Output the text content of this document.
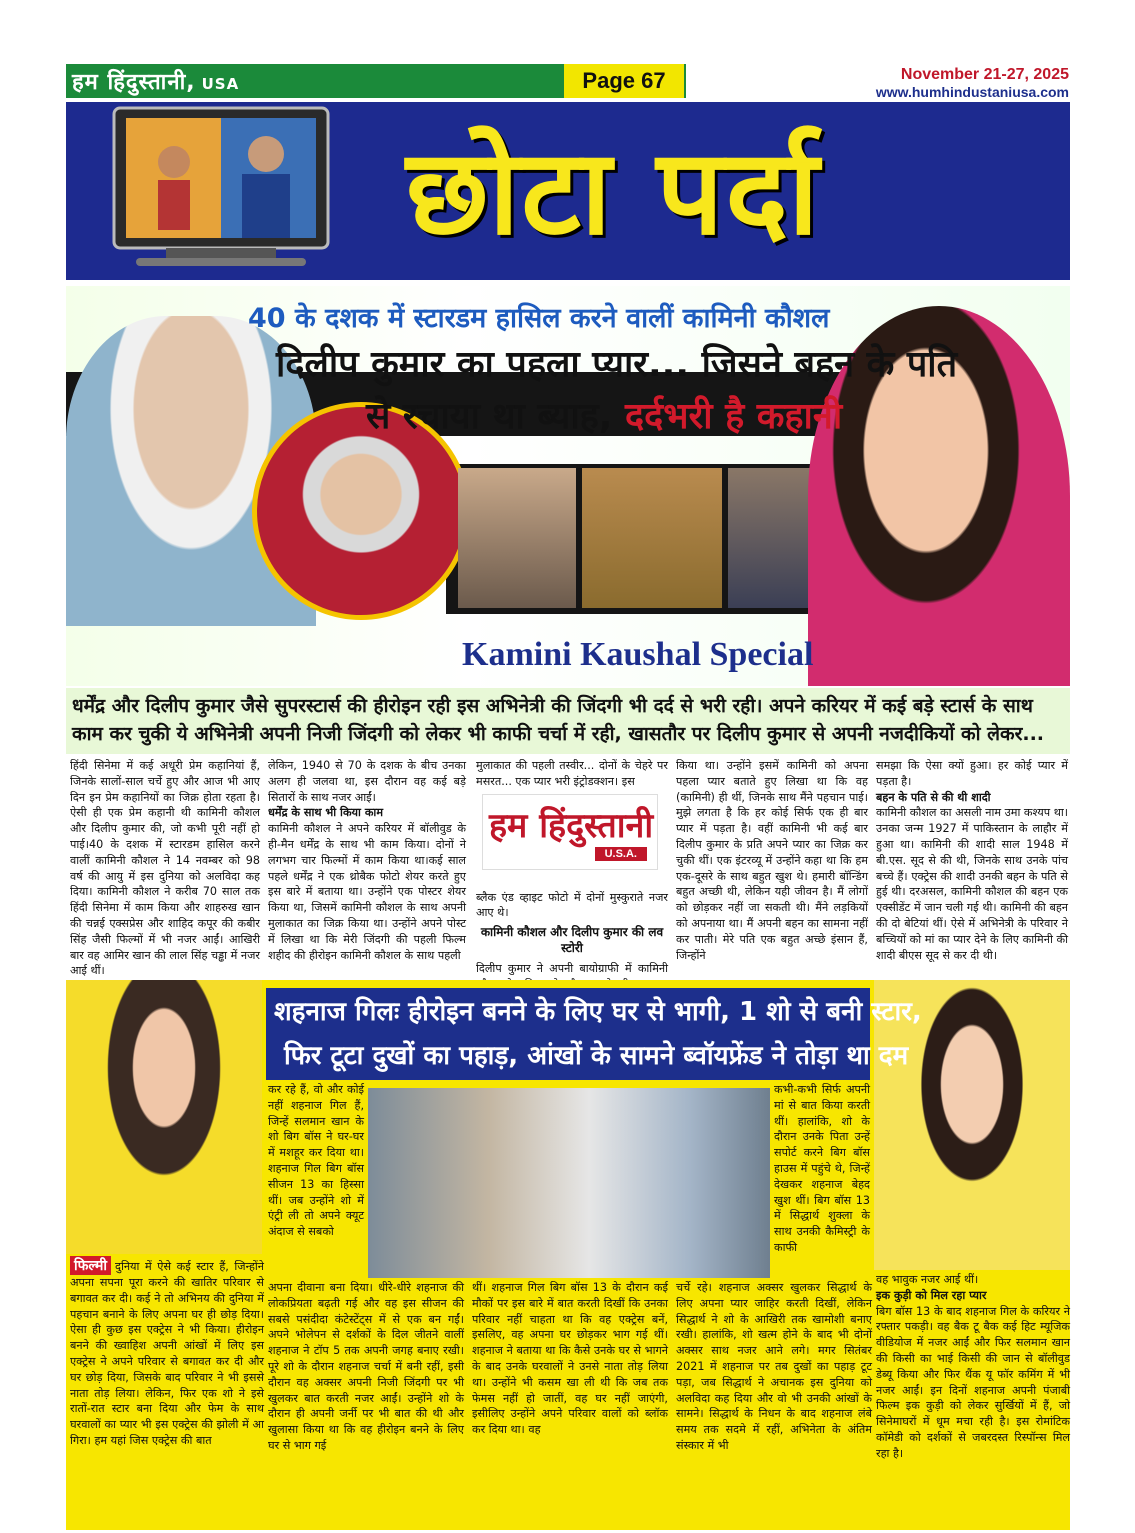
हम हिंदुस्तानी, USA	Page 67	November 21-27, 2025
www.humhindustaniusa.com
छोटा पर्दा
40 के दशक में स्टारडम हासिल करने वालीं कामिनी कौशल
दिलीप कुमार का पहला प्यार... जिसने बहन के पति
से रचाया था ब्याह, दर्दभरी है कहानी
Kamini Kaushal Special
धर्मेंद्र और दिलीप कुमार जैसे सुपरस्टार्स की हीरोइन रही इस अभिनेत्री की जिंदगी भी दर्द से भरी रही। अपने करियर में कई बड़े स्टार्स के साथ काम कर चुकी ये अभिनेत्री अपनी निजी जिंदगी को लेकर भी काफी चर्चा में रही, खासतौर पर दिलीप कुमार से अपनी नजदीकियों को लेकर...
हिंदी सिनेमा में कई अधूरी प्रेम कहानियां हैं, जिनके सालों-साल चर्चे हुए और आज भी आए दिन इन प्रेम कहानियों का जिक्र होता रहता है। ऐसी ही एक प्रेम कहानी थी कामिनी कौशल और दिलीप कुमार की, जो कभी पूरी नहीं हो पाई।40 के दशक में स्टारडम हासिल करने वालीं कामिनी कौशल ने 14 नवम्बर को 98 वर्ष की आयु में इस दुनिया को अलविदा कह दिया। कामिनी कौशल ने करीब 70 साल तक हिंदी सिनेमा में काम किया और शाहरुख खान की चन्नई एक्सप्रेस और शाहिद कपूर की कबीर सिंह जैसी फिल्मों में भी नजर आईं। आखिरी बार वह आमिर खान की लाल सिंह चड्ढा में नजर आई थीं।
लेकिन, 1940 से 70 के दशक के बीच उनका अलग ही जलवा था, इस दौरान वह कई बड़े सितारों के साथ नजर आईं।
धर्मेंद्र के साथ भी किया काम
कामिनी कौशल ने अपने करियर में बॉलीवुड के ही-मैन धर्मेंद्र के साथ भी काम किया। दोनों ने लगभग चार फिल्मों में काम किया था।कई साल पहले धर्मेंद्र ने एक थ्रोबैक फोटो शेयर करते हुए इस बारे में बताया था। उन्होंने एक पोस्टर शेयर किया था, जिसमें कामिनी कौशल के साथ अपनी मुलाकात का जिक्र किया था। उन्होंने अपने पोस्ट में लिखा था कि मेरी जिंदगी की पहली फिल्म शहीद की हीरोइन कामिनी कौशल के साथ पहली
मुलाकात की पहली तस्वीर... दोनों के चेहरे पर मसरत... एक प्यार भरी इंट्रोडक्शन। इस
ब्लैक एंड व्हाइट फोटो में दोनों मुस्कुराते नजर आए थे।
कामिनी कौशल और दिलीप कुमार की लव स्टोरी
दिलीप कुमार ने अपनी बायोग्राफी में कामिनी
हम हिंदुस्तानी
U.S.A.
किया था। उन्होंने इसमें कामिनी को अपना पहला प्यार बताते हुए लिखा था कि वह (कामिनी) ही थीं, जिनके साथ मैंने पहचान पाई। मुझे लगता है कि हर कोई सिर्फ एक ही बार प्यार में पड़ता है। वहीं कामिनी भी कई बार दिलीप कुमार के प्रति अपने प्यार का जिक्र कर चुकी थीं। एक इंटरव्यू में उन्होंने कहा था कि हम एक-दूसरे के साथ बहुत खुश थे। हमारी बॉन्डिंग बहुत अच्छी थी, लेकिन यही जीवन है। मैं लोगों को छोड़कर नहीं जा सकती थी। मैंने लड़कियों को अपनाया था। मैं अपनी बहन का सामना नहीं कर पाती। मेरे पति एक बहुत अच्छे इंसान हैं, जिन्होंने
समझा कि ऐसा क्यों हुआ। हर कोई प्यार में पड़ता है।
बहन के पति से की थी शादी
कामिनी कौशल का असली नाम उमा कश्यप था। उनका जन्म 1927 में पाकिस्तान के लाहौर में हुआ था। कामिनी की शादी साल 1948 में बी.एस. सूद से की थी, जिनके साथ उनके पांच बच्चे हैं। एक्ट्रेस की शादी उनकी बहन के पति से हुई थी। दरअसल, कामिनी कौशल की बहन एक एक्सीडेंट में जान चली गई थी। कामिनी की बहन की दो बेटियां थीं। ऐसे में अभिनेत्री के परिवार ने बच्चियों को मां का प्यार देने के लिए कामिनी की शादी बीएस सूद से कर दी थी।
शहनाज गिलः हीरोइन बनने के लिए घर से भागी, 1 शो से बनी स्टार,
फिर टूटा दुखों का पहाड़, आंखों के सामने ब्वॉयफ्रेंड ने तोड़ा था दम
फिल्मी दुनिया में ऐसे कई स्टार हैं, जिन्होंने अपना सपना पूरा करने की खातिर परिवार से बगावत कर दी। कई ने तो अभिनय की दुनिया में पहचान बनाने के लिए अपना घर ही छोड़ दिया। ऐसा ही कुछ इस एक्ट्रेस ने भी किया। हीरोइन बनने की ख्वाहिश अपनी आंखों में लिए इस एक्ट्रेस ने अपने परिवार से बगावत कर दी और घर छोड़ दिया, जिसके बाद परिवार ने भी इससे नाता तोड़ लिया। लेकिन, फिर एक शो ने इसे रातों-रात स्टार बना दिया और फेम के साथ घरवालों का प्यार भी इस एक्ट्रेस की झोली में आ गिरा। हम यहां जिस एक्ट्रेस की बात
कर रहे हैं, वो और कोई नहीं शहनाज गिल हैं, जिन्हें सलमान खान के शो बिग बॉस ने घर-घर में मशहूर कर दिया था। शहनाज गिल बिग बॉस सीजन 13 का हिस्सा थीं। जब उन्होंने शो में एंट्री ली तो अपने क्यूट अंदाज से सबको
अपना दीवाना बना दिया। धीरे-धीरे शहनाज की लोकप्रियता बढ़ती गई और वह इस सीजन की सबसे पसंदीदा कंटेस्टेंट्स में से एक बन गईं। अपने भोलेपन से दर्शकों के दिल जीतने वालीं शहनाज ने टॉप 5 तक अपनी जगह बनाए रखी। पूरे शो के दौरान शहनाज चर्चा में बनी रहीं, इसी दौरान वह अक्सर अपनी निजी जिंदगी पर भी खुलकर बात करती नजर आईं। उन्होंने शो के दौरान ही अपनी जर्नी पर भी बात की थी और खुलासा किया था कि वह हीरोइन बनने के लिए घर से भाग गई
थीं। शहनाज गिल बिग बॉस 13 के दौरान कई मौकों पर इस बारे में बात करती दिखीं कि उनका परिवार नहीं चाहता था कि वह एक्ट्रेस बनें, इसलिए, वह अपना घर छोड़कर भाग गई थीं। शहनाज ने बताया था कि कैसे उनके घर से भागने के बाद उनके घरवालों ने उनसे नाता तोड़ लिया था। उन्होंने भी कसम खा ली थी कि जब तक फेमस नहीं हो जातीं, वह घर नहीं जाएंगी, इसीलिए उन्होंने अपने परिवार वालों को ब्लॉक कर दिया था। वह
कभी-कभी सिर्फ अपनी मां से बात किया करती थीं। हालांकि, शो के दौरान उनके पिता उन्हें सपोर्ट करने बिग बॉस हाउस में पहुंचे थे, जिन्हें देखकर शहनाज बेहद खुश थीं। बिग बॉस 13 में सिद्धार्थ शुक्ला के साथ उनकी कैमिस्ट्री के काफी
चर्चे रहे। शहनाज अक्सर खुलकर सिद्धार्थ के लिए अपना प्यार जाहिर करती दिखीं, लेकिन सिद्धार्थ ने शो के आखिरी तक खामोशी बनाए रखी। हालांकि, शो खत्म होने के बाद भी दोनों अक्सर साथ नजर आने लगे। मगर सितंबर 2021 में शहनाज पर तब दुखों का पहाड़ टूट पड़ा, जब सिद्धार्थ ने अचानक इस दुनिया को अलविदा कह दिया और वो भी उनकी आंखों के सामने। सिद्धार्थ के निधन के बाद शहनाज लंबे समय तक सदमे में रहीं, अभिनेता के अंतिम संस्कार में भी
वह भावुक नजर आई थीं।
इक कुड़ी को मिल रहा प्यार
बिग बॉस 13 के बाद शहनाज गिल के करियर ने रफ्तार पकड़ी। वह बैक टू बैक कई हिट म्यूजिक वीडियोज में नजर आईं और फिर सलमान खान की किसी का भाई किसी की जान से बॉलीवुड डेब्यू किया और फिर थैंक यू फॉर कमिंग में भी नजर आईं। इन दिनों शहनाज अपनी पंजाबी फिल्म इक कुड़ी को लेकर सुर्खियों में हैं, जो सिनेमाघरों में धूम मचा रही है। इस रोमांटिक कॉमेडी को दर्शकों से जबरदस्त रिस्पॉन्स मिल रहा है।
